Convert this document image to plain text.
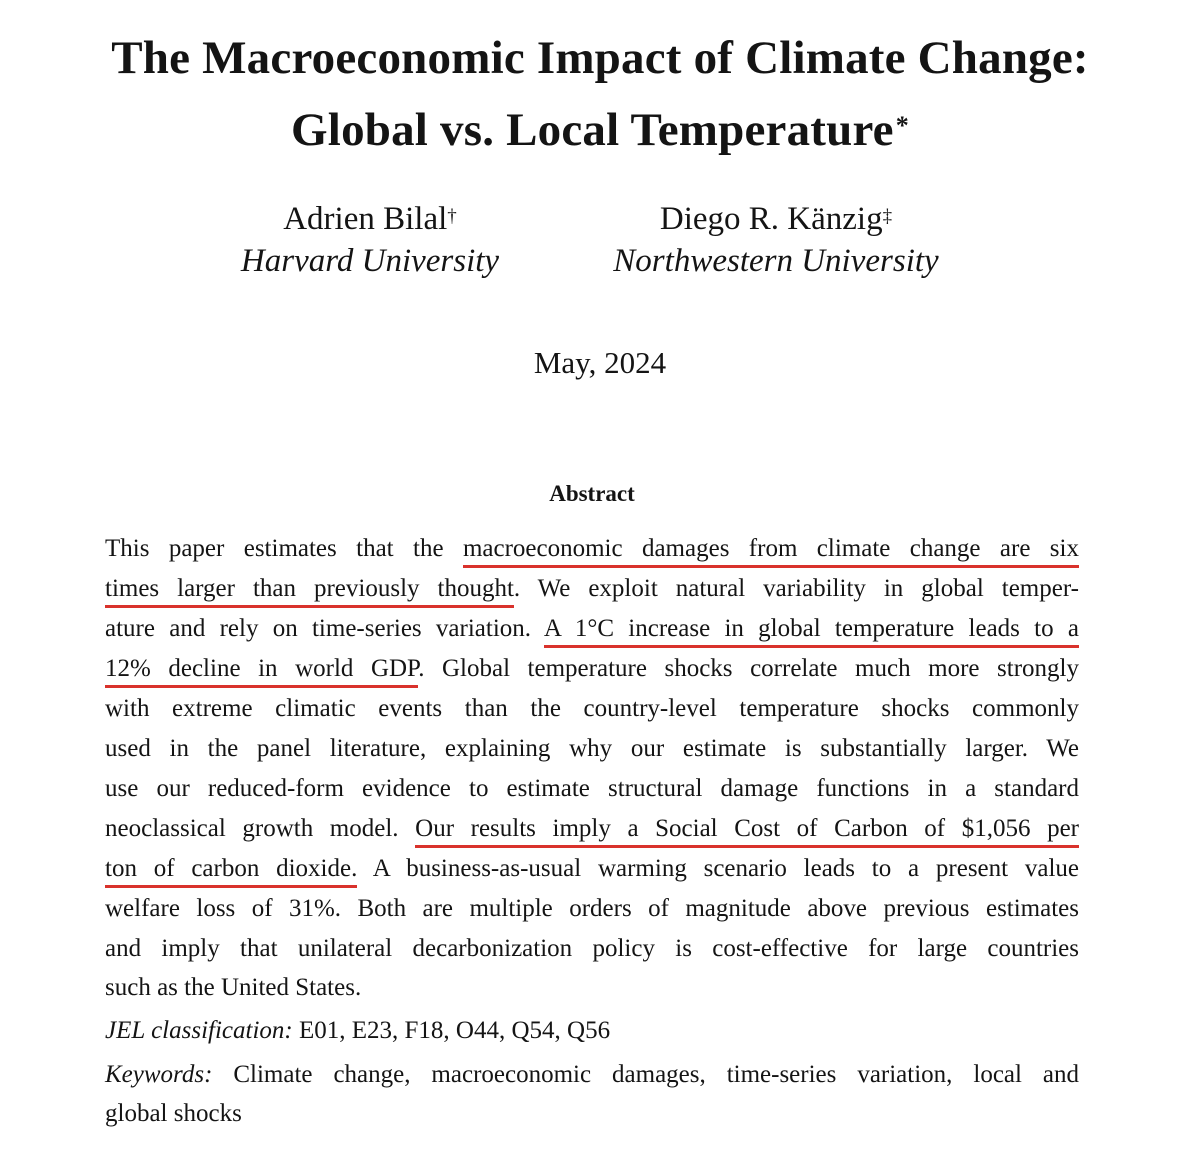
The Macroeconomic Impact of Climate Change:
Global vs. Local Temperature*
Adrien Bilal†
Harvard University
Diego R. Känzig‡
Northwestern University
May, 2024
Abstract
This paper estimates that the macroeconomic damages from climate change are six
times larger than previously thought. We exploit natural variability in global temper-
ature and rely on time-series variation. A 1°C increase in global temperature leads to a
12% decline in world GDP. Global temperature shocks correlate much more strongly
with extreme climatic events than the country-level temperature shocks commonly
used in the panel literature, explaining why our estimate is substantially larger. We
use our reduced-form evidence to estimate structural damage functions in a standard
neoclassical growth model. Our results imply a Social Cost of Carbon of $1,056 per
ton of carbon dioxide. A business-as-usual warming scenario leads to a present value
welfare loss of 31%. Both are multiple orders of magnitude above previous estimates
and imply that unilateral decarbonization policy is cost-effective for large countries
such as the United States.
JEL classification: E01, E23, F18, O44, Q54, Q56
Keywords: Climate change, macroeconomic damages, time-series variation, local and
global shocks
